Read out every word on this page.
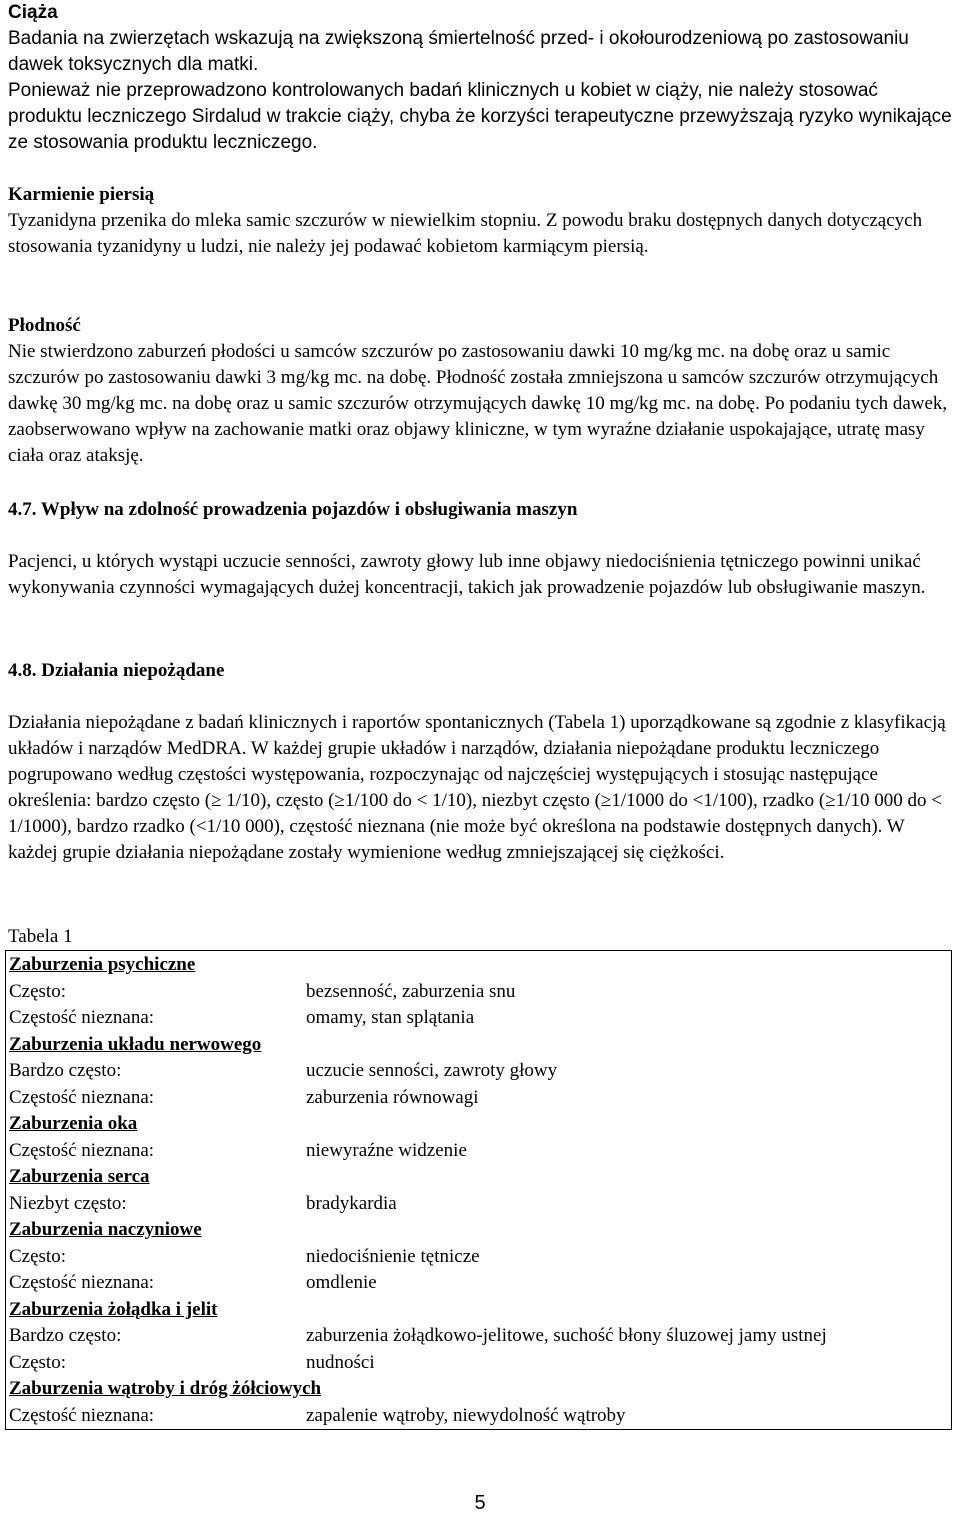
Ciąża

Badania na zwierzętach wskazują na zwiększoną śmiertelność przed- i okołourodzeniową po zastosowaniu dawek toksycznych dla matki.

Ponieważ nie przeprowadzono kontrolowanych badań klinicznych u kobiet w ciąży, nie należy stosować produktu leczniczego Sirdalud w trakcie ciąży, chyba że korzyści terapeutyczne przewyższają ryzyko wynikające ze stosowania produktu leczniczego.

Karmienie piersią

Tyzanidyna przenika do mleka samic szczurów w niewielkim stopniu. Z powodu braku dostępnych danych dotyczących stosowania tyzanidyny u ludzi, nie należy jej podawać kobietom karmiącym piersią.

Płodność

Nie stwierdzono zaburzeń płodości u samców szczurów po zastosowaniu dawki 10 mg/kg mc. na dobę oraz u samic szczurów po zastosowaniu dawki 3 mg/kg mc. na dobę. Płodność została zmniejszona u samców szczurów otrzymujących dawkę 30 mg/kg mc. na dobę oraz u samic szczurów otrzymujących dawkę 10 mg/kg mc. na dobę. Po podaniu tych dawek, zaobserwowano wpływ na zachowanie matki oraz objawy kliniczne, w tym wyraźne działanie uspokajające, utratę masy ciała oraz ataksję.

4.7. Wpływ na zdolność prowadzenia pojazdów i obsługiwania maszyn

Pacjenci, u których wystąpi uczucie senności, zawroty głowy lub inne objawy niedociśnienia tętniczego powinni unikać wykonywania czynności wymagających dużej koncentracji, takich jak prowadzenie pojazdów lub obsługiwanie maszyn.

4.8. Działania niepożądane

Działania niepożądane z badań klinicznych i raportów spontanicznych (Tabela 1) uporządkowane są zgodnie z klasyfikacją układów i narządów MedDRA. W każdej grupie układów i narządów, działania niepożądane produktu leczniczego pogrupowano według częstości występowania, rozpoczynając od najczęściej występujących i stosując następujące określenia: bardzo często (≥ 1/10), często (≥1/100 do < 1/10), niezbyt często (≥1/1000 do <1/100), rzadko (≥1/10 000 do < 1/1000), bardzo rzadko (<1/10 000), częstość nieznana (nie może być określona na podstawie dostępnych danych). W każdej grupie działania niepożądane zostały wymienione według zmniejszającej się ciężkości.

Tabela 1
Zaburzenia psychiczne
Często:	bezsenność, zaburzenia snu
Częstość nieznana:	omamy, stan splątania
Zaburzenia układu nerwowego
Bardzo często:	uczucie senności, zawroty głowy
Częstość nieznana:	zaburzenia równowagi
Zaburzenia oka
Częstość nieznana:	niewyraźne widzenie
Zaburzenia serca
Niezbyt często:	bradykardia
Zaburzenia naczyniowe
Często:	niedociśnienie tętnicze
Częstość nieznana:	omdlenie
Zaburzenia żołądka i jelit
Bardzo często:	zaburzenia żołądkowo-jelitowe, suchość błony śluzowej jamy ustnej
Często:	nudności
Zaburzenia wątroby i dróg żółciowych
Częstość nieznana:	zapalenie wątroby, niewydolność wątroby
5
